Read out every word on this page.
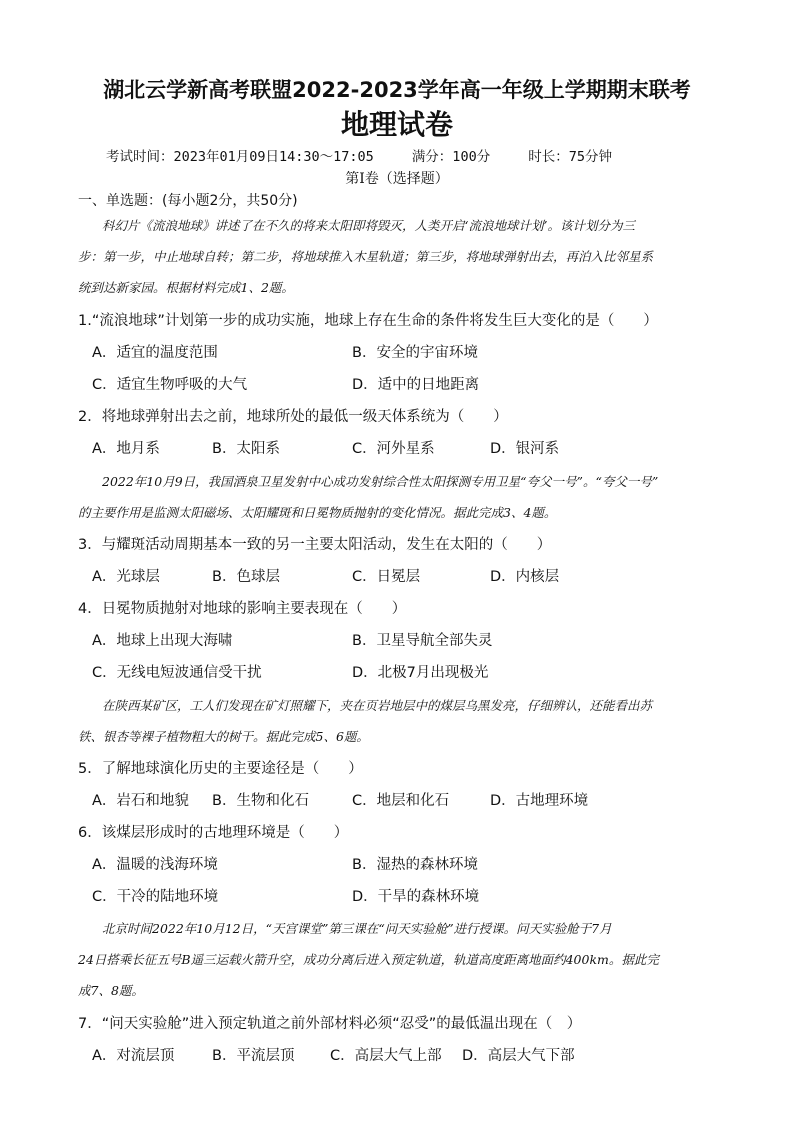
湖北云学新高考联盟2022-2023学年高一年级上学期期末联考
地理试卷
考试时间：2023年01月09日14:30～17:05	满分：100分	时长：75分钟
第Ⅰ卷（选择题）
一、单选题：(每小题2分，共50分)
科幻片《流浪地球》讲述了在不久的将来太阳即将毁灭，人类开启‘流浪地球计划’。该计划分为三
步：第一步，中止地球自转；第二步，将地球推入木星轨道；第三步，将地球弹射出去，再泊入比邻星系
统到达新家园。根据材料完成1、2题。
1.“流浪地球”计划第一步的成功实施，地球上存在生命的条件将发生巨大变化的是（　　）
A．适宜的温度范围	B．安全的宇宙环境
C．适宜生物呼吸的大气	D．适中的日地距离
2．将地球弹射出去之前，地球所处的最低一级天体系统为（　　）
A．地月系	B．太阳系	C．河外星系	D．银河系
2022年10月9日，我国酒泉卫星发射中心成功发射综合性太阳探测专用卫星“夸父一号”。“夸父一号”
的主要作用是监测太阳磁场、太阳耀斑和日冕物质抛射的变化情况。据此完成3、4题。
3．与耀斑活动周期基本一致的另一主要太阳活动，发生在太阳的（　　）
A．光球层	B．色球层	C．日冕层	D．内核层
4．日冕物质抛射对地球的影响主要表现在（　　）
A．地球上出现大海啸	B．卫星导航全部失灵
C．无线电短波通信受干扰	D．北极7月出现极光
在陕西某矿区，工人们发现在矿灯照耀下，夹在页岩地层中的煤层乌黑发亮，仔细辨认，还能看出苏
铁、银杏等裸子植物粗大的树干。据此完成5、6题。
5．了解地球演化历史的主要途径是（　　）
A．岩石和地貌 B．生物和化石	C．地层和化石	D．古地理环境
6．该煤层形成时的古地理环境是（　　）
A．温暖的浅海环境	B．湿热的森林环境
C．干冷的陆地环境	D．干旱的森林环境
北京时间2022年10月12日，“天宫课堂”第三课在“问天实验舱”进行授课。问天实验舱于7月
24日搭乘长征五号B遥三运载火箭升空，成功分离后进入预定轨道，轨道高度距离地面约400km。据此完
成7、8题。
7．“问天实验舱”进入预定轨道之前外部材料必须“忍受”的最低温出现在（　）
A．对流层顶	B．平流层顶 C．高层大气上部 D．高层大气下部
